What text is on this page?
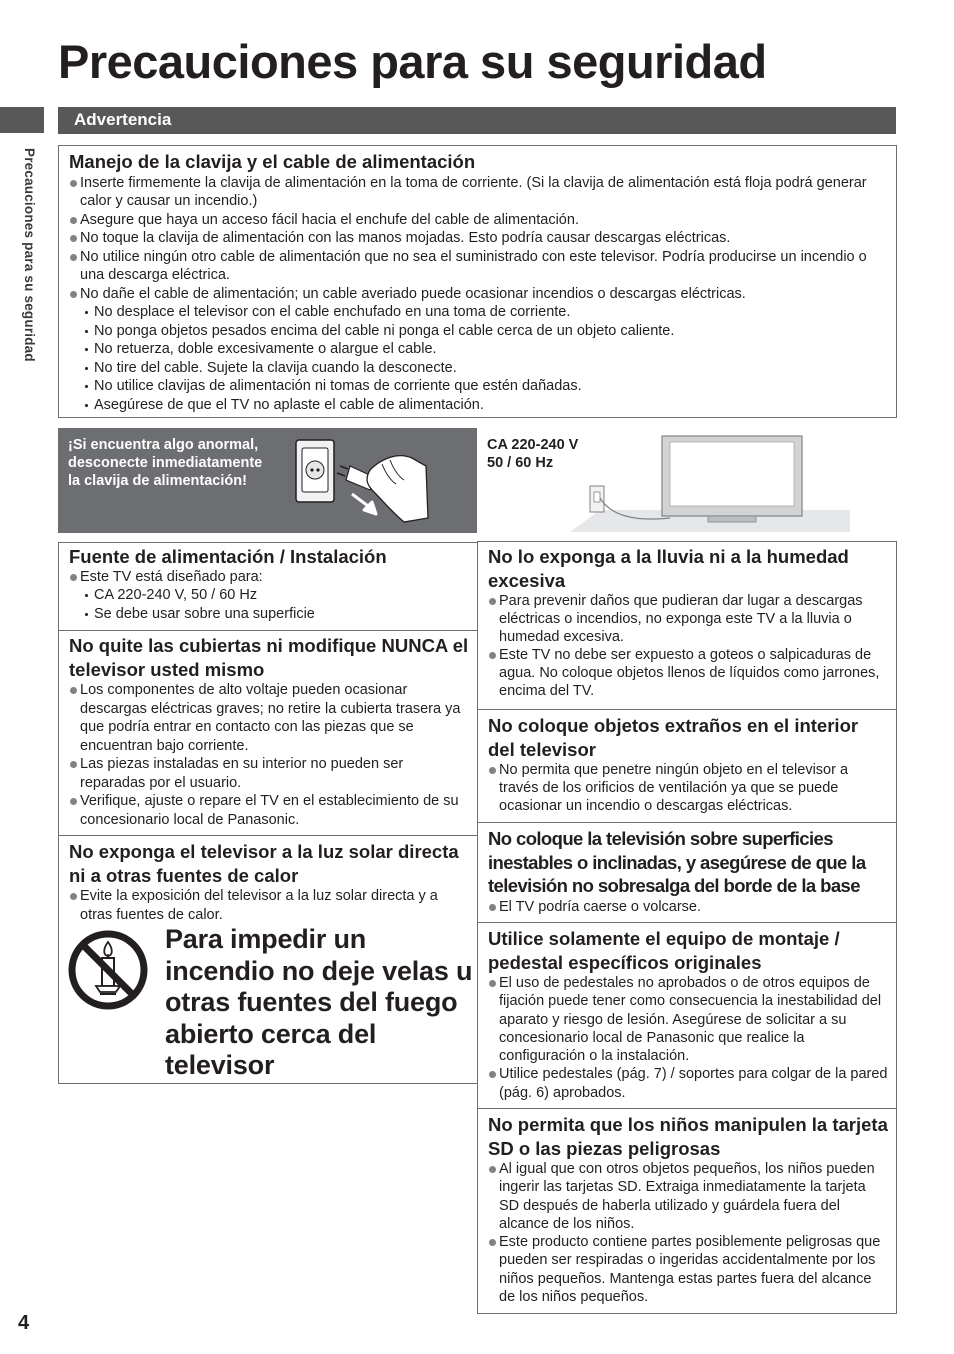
Precauciones para su seguridad
Precauciones para su seguridad
Advertencia
Manejo de la clavija y el cable de alimentación
Inserte firmemente la clavija de alimentación en la toma de corriente. (Si la clavija de alimentación está floja podrá generar calor y causar un incendio.)
Asegure que haya un acceso fácil hacia el enchufe del cable de alimentación.
No toque la clavija de alimentación con las manos mojadas. Esto podría causar descargas eléctricas.
No utilice ningún otro cable de alimentación que no sea el suministrado con este televisor. Podría producirse un incendio o una descarga eléctrica.
No dañe el cable de alimentación; un cable averiado puede ocasionar incendios o descargas eléctricas.
No desplace el televisor con el cable enchufado en una toma de corriente.
No ponga objetos pesados encima del cable ni ponga el cable cerca de un objeto caliente.
No retuerza, doble excesivamente o alargue el cable.
No tire del cable. Sujete la clavija cuando la desconecte.
No utilice clavijas de alimentación ni tomas de corriente que estén dañadas.
Asegúrese de que el TV no aplaste el cable de alimentación.
¡Si encuentra algo anormal, desconecte inmediatamente la clavija de alimentación!
CA 220-240 V
50 / 60 Hz
Fuente de alimentación / Instalación
Este TV está diseñado para:
CA 220-240 V, 50 / 60 Hz
Se debe usar sobre una superficie
No quite las cubiertas ni modifique NUNCA el televisor usted mismo
Los componentes de alto voltaje pueden ocasionar descargas eléctricas graves; no retire la cubierta trasera ya que podría entrar en contacto con las piezas que se encuentran bajo corriente.
Las piezas instaladas en su interior no pueden ser reparadas por el usuario.
Verifique, ajuste o repare el TV en el establecimiento de su concesionario local de Panasonic.
No exponga el televisor a la luz solar directa ni a otras fuentes de calor
Evite la exposición del televisor a la luz solar directa y a otras fuentes de calor.
Para impedir un incendio no deje velas u otras fuentes del fuego abierto cerca del televisor
No lo exponga a la lluvia ni a la humedad excesiva
Para prevenir daños que pudieran dar lugar a descargas eléctricas o incendios, no exponga este TV a la lluvia o humedad excesiva.
Este TV no debe ser expuesto a goteos o salpicaduras de agua. No coloque objetos llenos de líquidos como jarrones, encima del TV.
No coloque objetos extraños en el interior del televisor
No permita que penetre ningún objeto en el televisor a través de los orificios de ventilación ya que se puede ocasionar un incendio o descargas eléctricas.
No coloque la televisión sobre superficies inestables o inclinadas, y asegúrese de que la televisión no sobresalga del borde de la base
El TV podría caerse o volcarse.
Utilice solamente el equipo de montaje / pedestal específicos originales
El uso de pedestales no aprobados o de otros equipos de fijación puede tener como consecuencia la inestabilidad del aparato y riesgo de lesión. Asegúrese de solicitar a su concesionario local de Panasonic que realice la configuración o la instalación.
Utilice pedestales (pág. 7) / soportes para colgar de la pared (pág. 6) aprobados.
No permita que los niños manipulen la tarjeta SD o las piezas peligrosas
Al igual que con otros objetos pequeños, los niños pueden ingerir las tarjetas SD. Extraiga inmediatamente la tarjeta SD después de haberla utilizado y guárdela fuera del alcance de los niños.
Este producto contiene partes posiblemente peligrosas que pueden ser respiradas o ingeridas accidentalmente por los niños pequeños. Mantenga estas partes fuera del alcance de los niños pequeños.
4
